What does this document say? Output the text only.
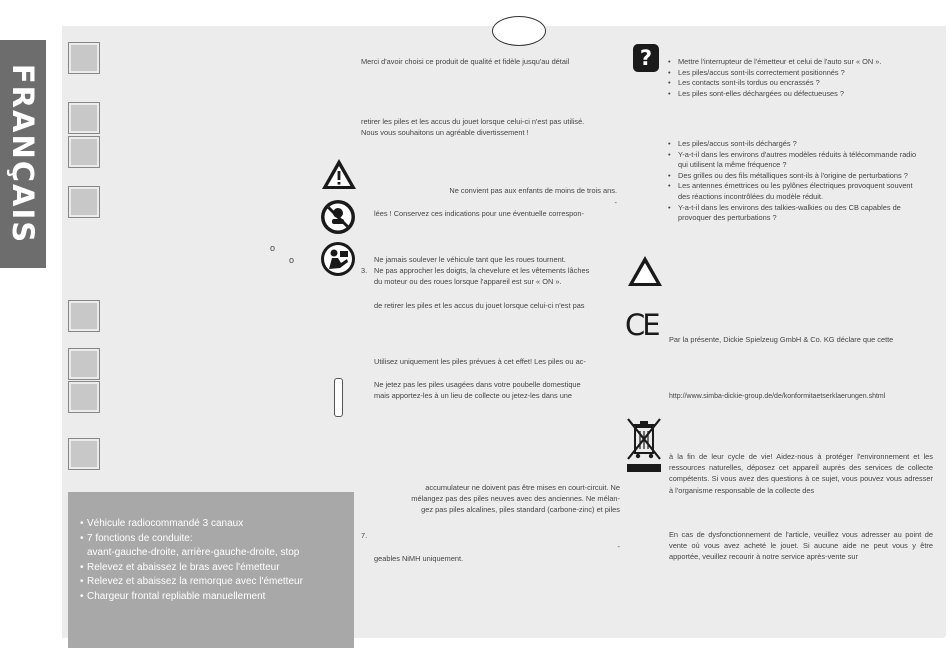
FRANÇAIS
Merci d'avoir choisi ce produit de qualité et fidèle jusqu'au détail
retirer les piles et les accus du jouet lorsque celui-ci n'est pas utilisé.
Nous vous souhaitons un agréable divertissement !
Ne convient pas aux enfants de moins de trois ans.
-
lées ! Conservez ces indications pour une éventuelle correspon-
o
o	Ne jamais soulever le véhicule tant que les roues tournent.
3. Ne pas approcher les doigts, la chevelure et les vêtements lâches
du moteur ou des roues lorsque l'appareil est sur « ON ».
de retirer les piles et les accus du jouet lorsque celui-ci n'est pas
Utilisez uniquement les piles prévues à cet effet! Les piles ou ac-
Ne jetez pas les piles usagées dans votre poubelle domestique
mais apportez-les à un lieu de collecte ou jetez-les dans une
accumulateur ne doivent pas être mises en court-circuit. Ne
mélangez pas des piles neuves avec des anciennes. Ne mélan-
gez pas piles alcalines, piles standard (carbone-zinc) et piles
7.
-
geables NiMH uniquement.
• Véhicule radiocommandé 3 canaux
• 7 fonctions de conduite:
avant-gauche-droite, arrière-gauche-droite, stop
• Relevez et abaissez le bras avec l'émetteur
• Relevez et abaissez la remorque avec l'émetteur
• Chargeur frontal repliable manuellement
?
•	Mettre l'interrupteur de l'émetteur et celui de l'auto sur « ON ».
• Les piles/accus sont-ils correctement positionnés ?
• Les contacts sont-ils tordus ou encrassés ?
• Les piles sont-elles déchargées ou défectueuses ?
• Les piles/accus sont-ils déchargés ?
• Y-a-t-il dans les environs d'autres modèles réduits à télécommande radio qui utilisent la même fréquence ?
• Des grilles ou des fils métalliques sont-ils à l'origine de perturbations ?
• Les antennes émettrices ou les pylônes électriques provoquent souvent des réactions incontrôlées du modèle réduit.
• Y-a-t-il dans les environs des talkies-walkies ou des CB capables de provoquer des perturbations ?
CE Par la présente, Dickie Spielzeug GmbH & Co. KG déclare que cette
http://www.simba-dickie-group.de/de/konformitaetserklaerungen.shtml
à la fin de leur cycle de vie! Aidez-nous à protéger l'environnement et les ressources naturelles, déposez cet appareil auprès des services de collecte compétents. Si vous avez des questions à ce sujet, vous pouvez vous adresser à l'organisme responsable de la collecte des
En cas de dysfonctionnement de l'article, veuillez vous adresser au point de vente où vous avez acheté le jouet. Si aucune aide ne peut vous y être apportée, veuillez recourir à notre service après-vente sur
